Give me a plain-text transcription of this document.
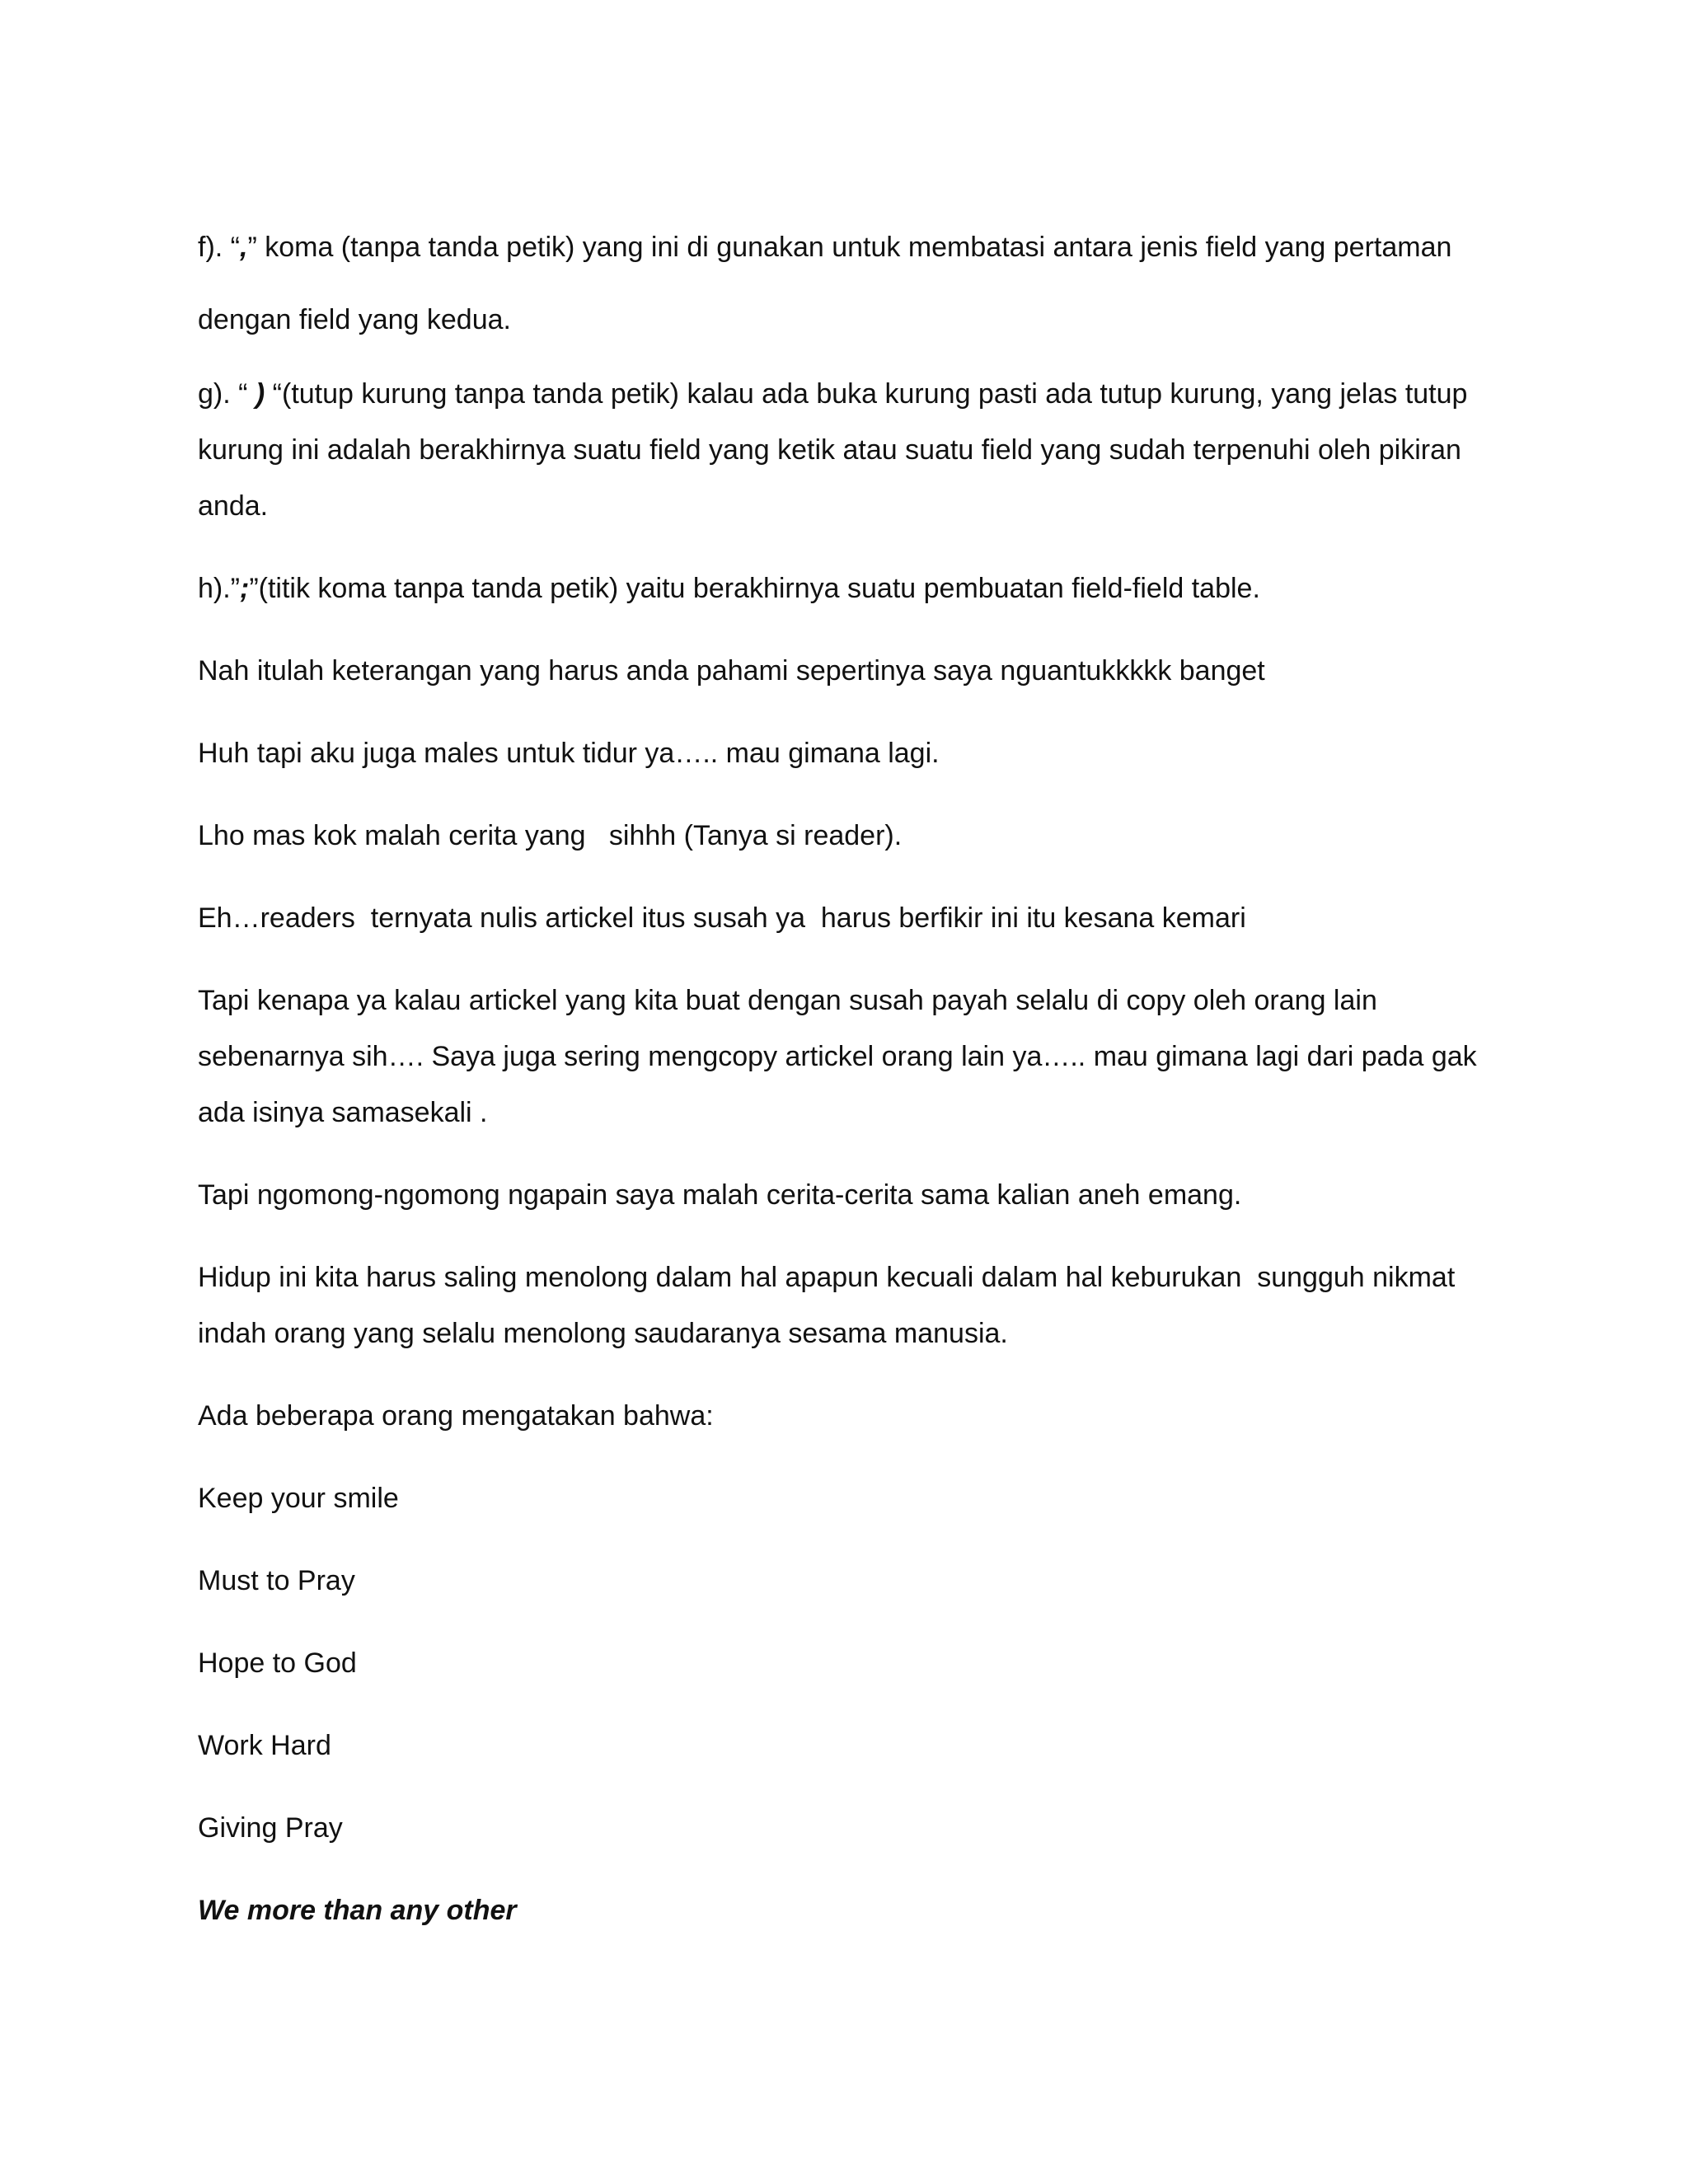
f). “,” koma (tanpa tanda petik) yang ini di gunakan untuk membatasi antara jenis field yang pertaman dengan field yang kedua.

g). “ ) “(tutup kurung tanpa tanda petik) kalau ada buka kurung pasti ada tutup kurung, yang jelas tutup kurung ini adalah berakhirnya suatu field yang ketik atau suatu field yang sudah terpenuhi oleh pikiran anda.

h).”;”(titik koma tanpa tanda petik) yaitu berakhirnya suatu pembuatan field-field table.

Nah itulah keterangan yang harus anda pahami sepertinya saya nguantukkkkk banget

Huh tapi aku juga males untuk tidur ya….. mau gimana lagi.

Lho mas kok malah cerita yang   sihhh (Tanya si reader).

Eh…readers  ternyata nulis artickel itus susah ya  harus berfikir ini itu kesana kemari

Tapi kenapa ya kalau artickel yang kita buat dengan susah payah selalu di copy oleh orang lain sebenarnya sih…. Saya juga sering mengcopy artickel orang lain ya….. mau gimana lagi dari pada gak ada isinya samasekali .

Tapi ngomong-ngomong ngapain saya malah cerita-cerita sama kalian aneh emang.

Hidup ini kita harus saling menolong dalam hal apapun kecuali dalam hal keburukan  sungguh nikmat indah orang yang selalu menolong saudaranya sesama manusia.

Ada beberapa orang mengatakan bahwa:

Keep your smile

Must to Pray

Hope to God

Work Hard

Giving Pray

We more than any other
